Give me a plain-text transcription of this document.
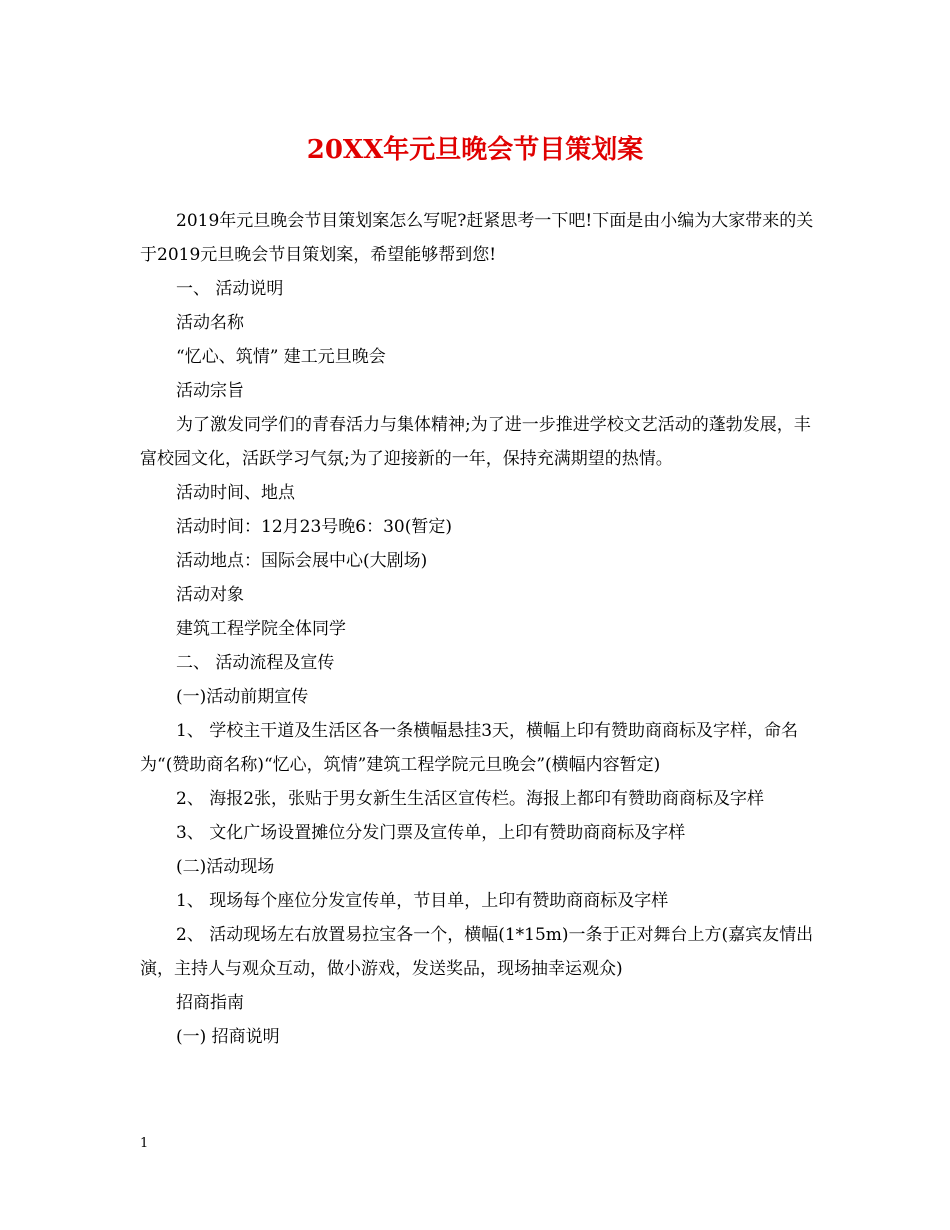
20XX年元旦晚会节目策划案

2019年元旦晚会节目策划案怎么写呢?赶紧思考一下吧!下面是由小编为大家带来的关于2019元旦晚会节目策划案，希望能够帮到您!

一、 活动说明

活动名称

“忆心、筑情” 建工元旦晚会

活动宗旨

为了激发同学们的青春活力与集体精神;为了进一步推进学校文艺活动的蓬勃发展，丰富校园文化，活跃学习气氛;为了迎接新的一年，保持充满期望的热情。

活动时间、地点

活动时间：12月23号晚6：30(暂定)

活动地点：国际会展中心(大剧场)

活动对象

建筑工程学院全体同学

二、 活动流程及宣传

(一)活动前期宣传

1、 学校主干道及生活区各一条横幅悬挂3天，横幅上印有赞助商商标及字样，命名为“(赞助商名称)“忆心，筑情”建筑工程学院元旦晚会”(横幅内容暂定)

2、 海报2张，张贴于男女新生生活区宣传栏。海报上都印有赞助商商标及字样

3、 文化广场设置摊位分发门票及宣传单，上印有赞助商商标及字样

(二)活动现场

1、 现场每个座位分发宣传单，节目单，上印有赞助商商标及字样

2、 活动现场左右放置易拉宝各一个，横幅(1*15m)一条于正对舞台上方(嘉宾友情出演，主持人与观众互动，做小游戏，发送奖品，现场抽幸运观众)

招商指南

(一) 招商说明

1
